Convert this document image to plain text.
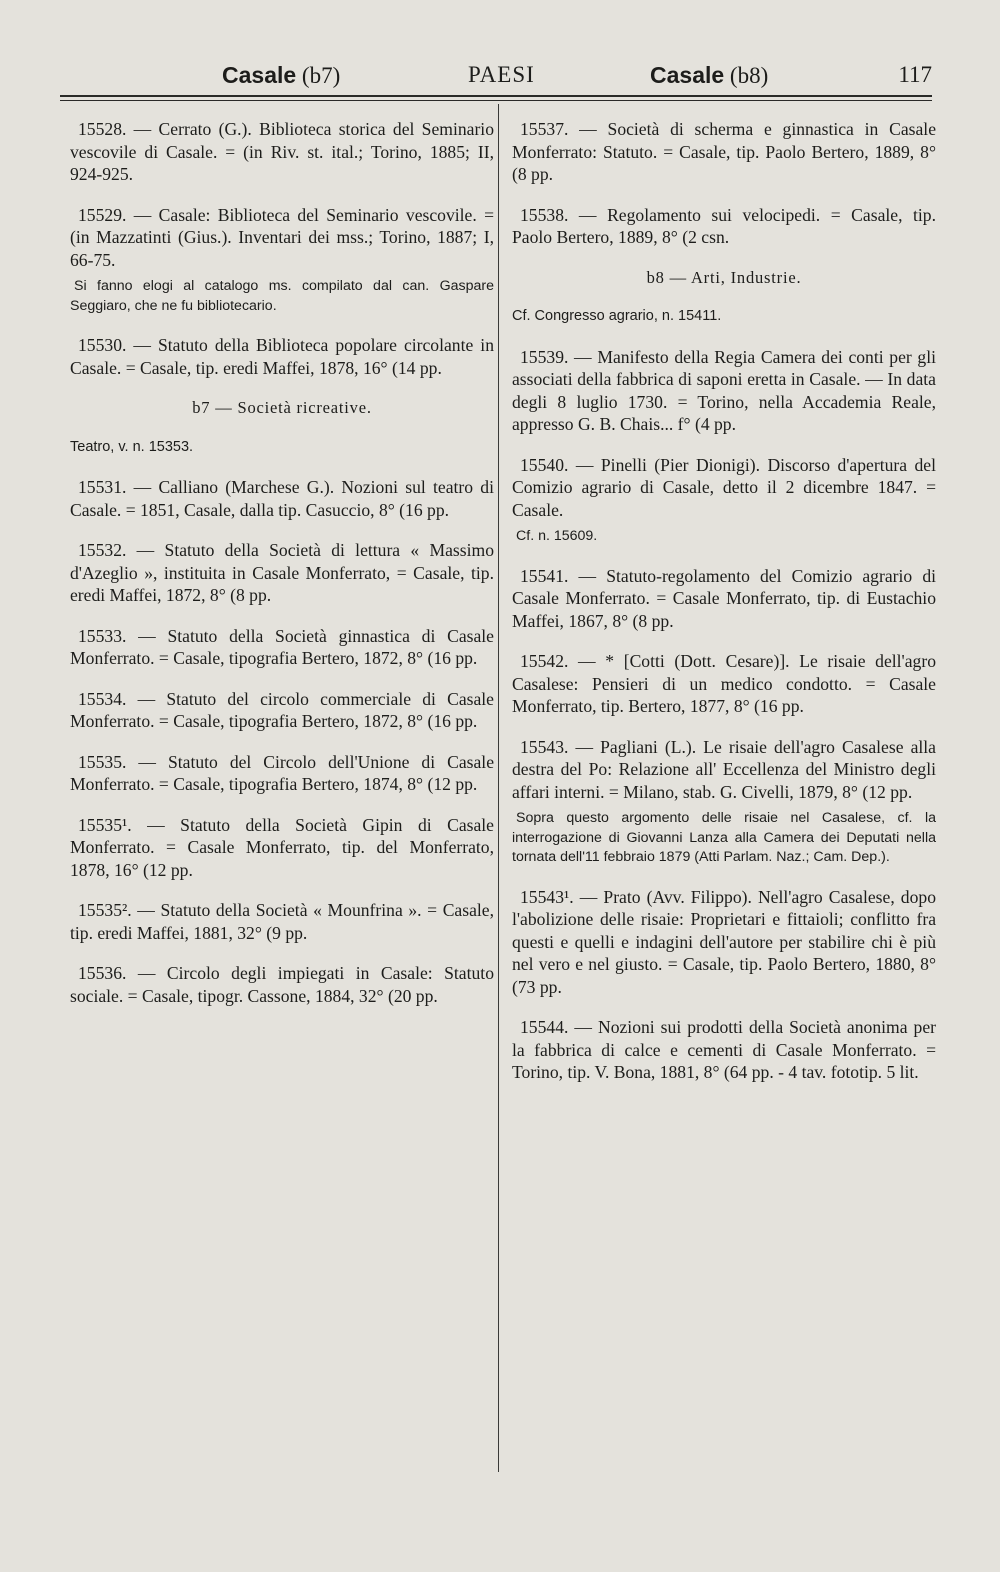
Casale (b7)	PAESI	Casale (b8)	117
15528. — Cerrato (G.). Biblioteca storica del Seminario vescovile di Casale. = (in Riv. st. ital.; Torino, 1885; II, 924-925.
15529. — Casale: Biblioteca del Seminario vescovile. = (in Mazzatinti (Gius.). Inventari dei mss.; Torino, 1887; I, 66-75.
Si fanno elogi al catalogo ms. compilato dal can. Gaspare Seggiaro, che ne fu bibliotecario.
15530. — Statuto della Biblioteca popolare circolante in Casale. = Casale, tip. eredi Maffei, 1878, 16° (14 pp.
b7 — Società ricreative.
Teatro, v. n. 15353.
15531. — Calliano (Marchese G.). Nozioni sul teatro di Casale. = 1851, Casale, dalla tip. Casuccio, 8° (16 pp.
15532. — Statuto della Società di lettura « Massimo d'Azeglio », instituita in Casale Monferrato, = Casale, tip. eredi Maffei, 1872, 8° (8 pp.
15533. — Statuto della Società ginnastica di Casale Monferrato. = Casale, tipografia Bertero, 1872, 8° (16 pp.
15534. — Statuto del circolo commerciale di Casale Monferrato. = Casale, tipografia Bertero, 1872, 8° (16 pp.
15535. — Statuto del Circolo dell'Unione di Casale Monferrato. = Casale, tipografia Bertero, 1874, 8° (12 pp.
15535¹. — Statuto della Società Gipin di Casale Monferrato. = Casale Monferrato, tip. del Monferrato, 1878, 16° (12 pp.
15535². — Statuto della Società « Mounfrina ». = Casale, tip. eredi Maffei, 1881, 32° (9 pp.
15536. — Circolo degli impiegati in Casale: Statuto sociale. = Casale, tipogr. Cassone, 1884, 32° (20 pp.
15537. — Società di scherma e ginnastica in Casale Monferrato: Statuto. = Casale, tip. Paolo Bertero, 1889, 8° (8 pp.
15538. — Regolamento sui velocipedi. = Casale, tip. Paolo Bertero, 1889, 8° (2 csn.
b8 — Arti, Industrie.
Cf. Congresso agrario, n. 15411.
15539. — Manifesto della Regia Camera dei conti per gli associati della fabbrica di saponi eretta in Casale. — In data degli 8 luglio 1730. = Torino, nella Accademia Reale, appresso G. B. Chais... f° (4 pp.
15540. — Pinelli (Pier Dionigi). Discorso d'apertura del Comizio agrario di Casale, detto il 2 dicembre 1847. = Casale.
Cf. n. 15609.
15541. — Statuto-regolamento del Comizio agrario di Casale Monferrato. = Casale Monferrato, tip. di Eustachio Maffei, 1867, 8° (8 pp.
15542. — * [Cotti (Dott. Cesare)]. Le risaie dell'agro Casalese: Pensieri di un medico condotto. = Casale Monferrato, tip. Bertero, 1877, 8° (16 pp.
15543. — Pagliani (L.). Le risaie dell'agro Casalese alla destra del Po: Relazione all' Eccellenza del Ministro degli affari interni. = Milano, stab. G. Civelli, 1879, 8° (12 pp.
Sopra questo argomento delle risaie nel Casalese, cf. la interrogazione di Giovanni Lanza alla Camera dei Deputati nella tornata dell'11 febbraio 1879 (Atti Parlam. Naz.; Cam. Dep.).
15543¹. — Prato (Avv. Filippo). Nell'agro Casalese, dopo l'abolizione delle risaie: Proprietari e fittaioli; conflitto fra questi e quelli e indagini dell'autore per stabilire chi è più nel vero e nel giusto. = Casale, tip. Paolo Bertero, 1880, 8° (73 pp.
15544. — Nozioni sui prodotti della Società anonima per la fabbrica di calce e cementi di Casale Monferrato. = Torino, tip. V. Bona, 1881, 8° (64 pp. - 4 tav. fototip. 5 lit.
